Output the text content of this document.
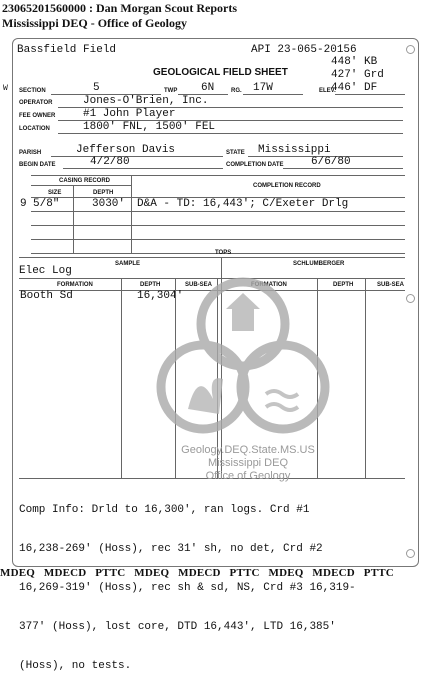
23065201560000 : Dan Morgan Scout Reports
Mississippi DEQ - Office of Geology
W
Bassfield Field	API 23-065-20156
448' KB
427' Grd
GEOLOGICAL FIELD SHEET
SECTION	5	TWP 6N	RG. 17W	ELEV.
446' DF
OPERATOR	Jones-O'Brien, Inc.
FEE OWNER	#1 John Player
LOCATION	1800' FNL, 1500' FEL
PARISH	Jefferson Davis	STATE Mississippi
BEGIN DATE	4/2/80	COMPLETION DATE 6/6/80
CASING RECORD
COMPLETION RECORD
SIZE	DEPTH
9 5/8"	3030' D&A - TD: 16,443'; C/Exeter Drlg
TOPS
SAMPLE	SCHLUMBERGER
Elec Log
FORMATION	DEPTH	SUB-SEA	FORMATION	DEPTH	SUB-SEA
Booth Sd	16,304'

Comp Info: Drld to 16,300', ran logs. Crd #1

16,238-269' (Hoss), rec 31' sh, no det, Crd #2

16,269-319' (Hoss), rec sh & sd, NS, Crd #3 16,319-

377' (Hoss), lost core, DTD 16,443', LTD 16,385'

(Hoss), no tests.

Geology.DEQ.State.MS.US
Mississippi DEQ
Office of Geology
MDEQ   MDECD   PTTC   MDEQ   MDECD   PTTC   MDEQ   MDECD   PTTC
